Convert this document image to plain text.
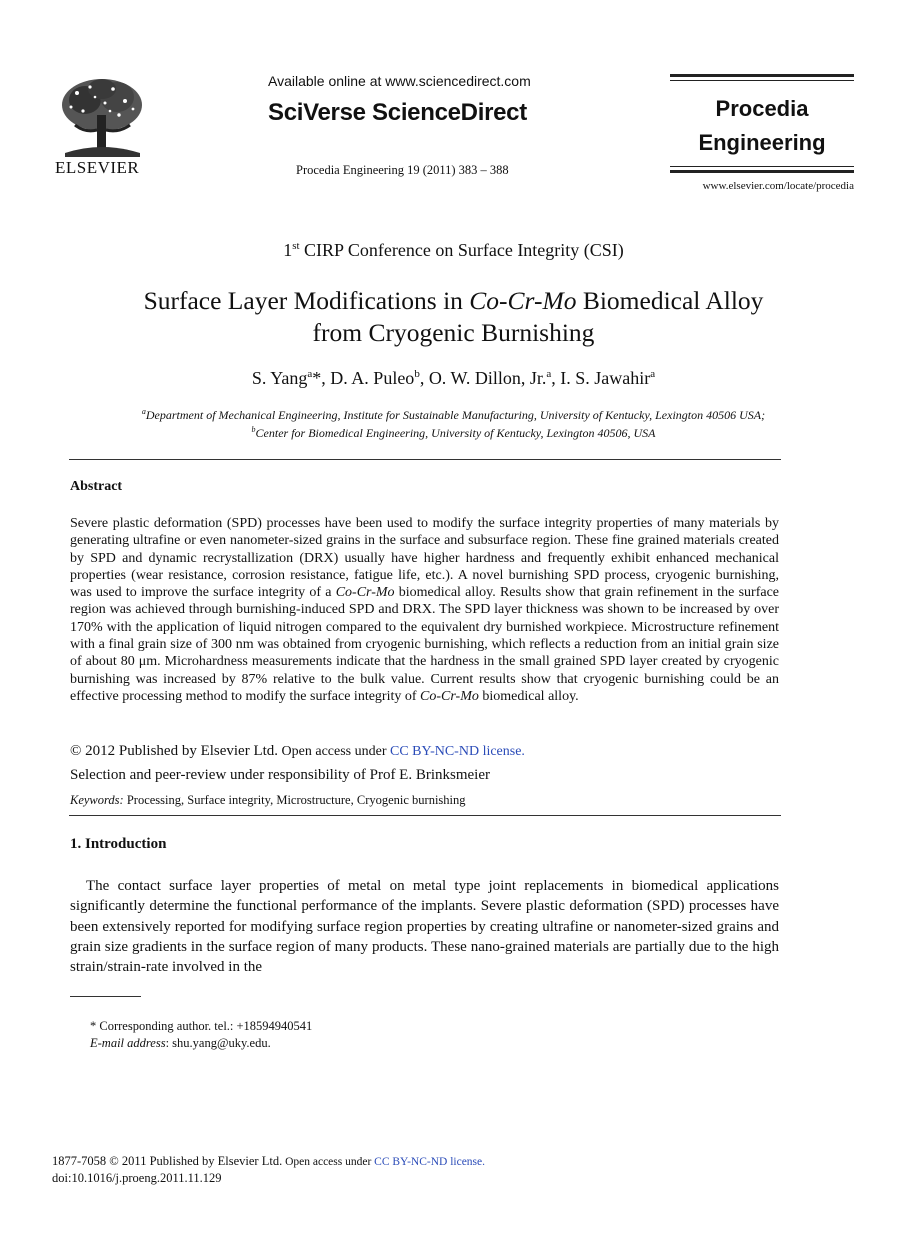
ELSEVIER
Available online at www.sciencedirect.com
SciVerse ScienceDirect
Procedia Engineering 19 (2011) 383 – 388
Procedia
Engineering
www.elsevier.com/locate/procedia
1st CIRP Conference on Surface Integrity (CSI)
Surface Layer Modifications in Co-Cr-Mo Biomedical Alloy
from Cryogenic Burnishing
S. Yang$^a$*, D. A. Puleo$^b$, O. W. Dillon, Jr.$^a$, I. S. Jawahir$^a$
$^a$Department of Mechanical Engineering, Institute for Sustainable Manufacturing, University of Kentucky, Lexington 40506 USA;
$^b$Center for Biomedical Engineering, University of Kentucky, Lexington 40506, USA
Abstract
Severe plastic deformation (SPD) processes have been used to modify the surface integrity properties of many materials by generating ultrafine or even nanometer-sized grains in the surface and subsurface region. These fine grained materials created by SPD and dynamic recrystallization (DRX) usually have higher hardness and frequently exhibit enhanced mechanical properties (wear resistance, corrosion resistance, fatigue life, etc.). A novel burnishing SPD process, cryogenic burnishing, was used to improve the surface integrity of a Co-Cr-Mo biomedical alloy. Results show that grain refinement in the surface region was achieved through burnishing-induced SPD and DRX. The SPD layer thickness was shown to be increased by over 170% with the application of liquid nitrogen compared to the equivalent dry burnished workpiece. Microstructure refinement with a final grain size of 300 nm was obtained from cryogenic burnishing, which reflects a reduction from an initial grain size of about 80 μm. Microhardness measurements indicate that the hardness in the small grained SPD layer created by cryogenic burnishing was increased by 87% relative to the bulk value. Current results show that cryogenic burnishing could be an effective processing method to modify the surface integrity of Co-Cr-Mo biomedical alloy.
© 2012 Published by Elsevier Ltd. Open access under CC BY-NC-ND license.
Selection and peer-review under responsibility of Prof E. Brinksmeier
Keywords: Processing, Surface integrity, Microstructure, Cryogenic burnishing
1. Introduction
The contact surface layer properties of metal on metal type joint replacements in biomedical applications significantly determine the functional performance of the implants. Severe plastic deformation (SPD) processes have been extensively reported for modifying surface region properties by creating ultrafine or nanometer-sized grains and grain size gradients in the surface region of many products. These nano-grained materials are partially due to the high strain/strain-rate involved in the
* Corresponding author. tel.: +18594940541
E-mail address: shu.yang@uky.edu.
1877-7058 © 2011 Published by Elsevier Ltd. Open access under CC BY-NC-ND license.
doi:10.1016/j.proeng.2011.11.129
